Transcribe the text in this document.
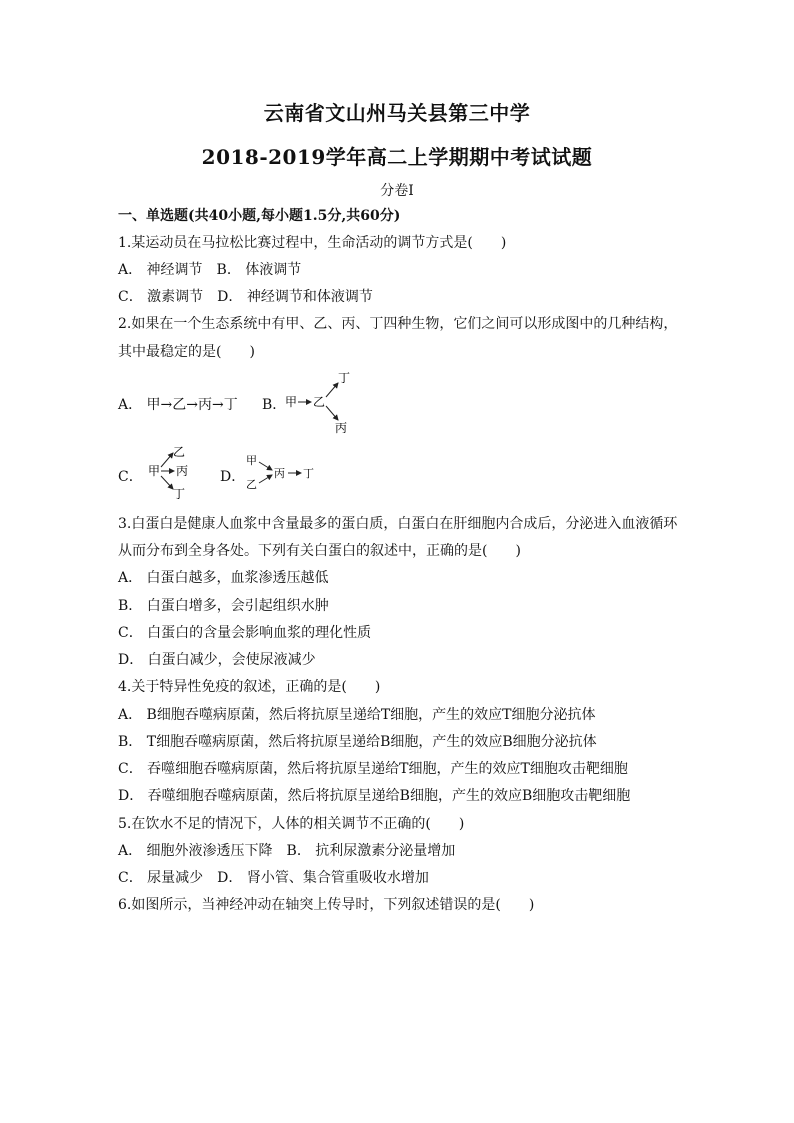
云南省文山州马关县第三中学
2018-2019学年高二上学期期中考试试题
分卷I
一、单选题(共40小题,每小题1.5分,共60分)
1.某运动员在马拉松比赛过程中，生命活动的调节方式是(　　)
A． 神经调节　B． 体液调节
C． 激素调节　D． 神经调节和体液调节
2.如果在一个生态系统中有甲、乙、丙、丁四种生物，它们之间可以形成图中的几种结构，
其中最稳定的是(　　)
A． 甲→乙→丙→丁 B．
甲 乙
丁
丙
C．
乙
甲 丙
丁
D．
甲
乙
丙 丁
3.白蛋白是健康人血浆中含量最多的蛋白质，白蛋白在肝细胞内合成后，分泌进入血液循环
从而分布到全身各处。下列有关白蛋白的叙述中，正确的是(　　)
A． 白蛋白越多，血浆渗透压越低
B． 白蛋白增多，会引起组织水肿
C． 白蛋白的含量会影响血浆的理化性质
D． 白蛋白减少，会使尿液减少
4.关于特异性免疫的叙述，正确的是(　　)
A． B细胞吞噬病原菌，然后将抗原呈递给T细胞，产生的效应T细胞分泌抗体
B． T细胞吞噬病原菌，然后将抗原呈递给B细胞，产生的效应B细胞分泌抗体
C． 吞噬细胞吞噬病原菌，然后将抗原呈递给T细胞，产生的效应T细胞攻击靶细胞
D． 吞噬细胞吞噬病原菌，然后将抗原呈递给B细胞，产生的效应B细胞攻击靶细胞
5.在饮水不足的情况下，人体的相关调节不正确的(　　)
A． 细胞外液渗透压下降　B． 抗利尿激素分泌量增加
C． 尿量减少　D． 肾小管、集合管重吸收水增加
6.如图所示，当神经冲动在轴突上传导时，下列叙述错误的是(　　)
